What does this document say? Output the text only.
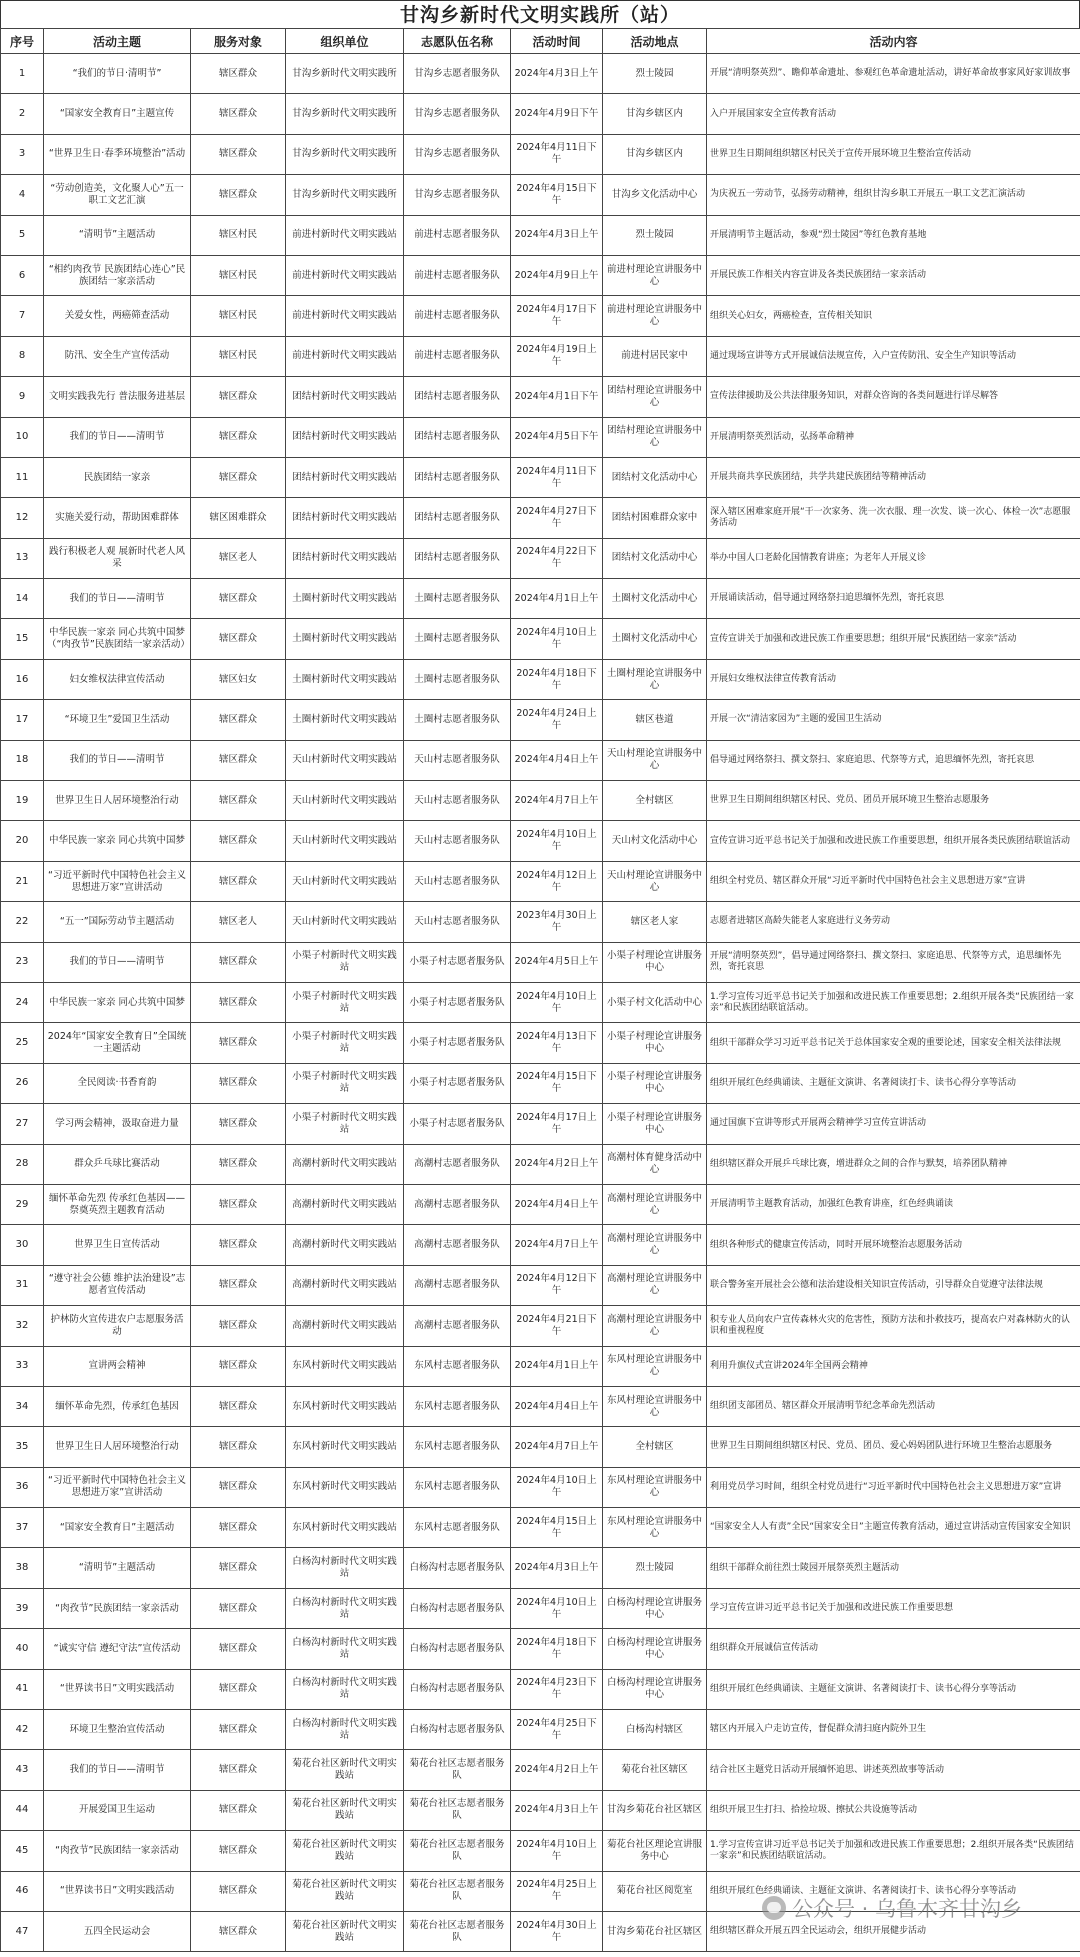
甘沟乡新时代文明实践所（站）
序号	活动主题	服务对象	组织单位	志愿队伍名称	活动时间	活动地点	活动内容
1	“我们的节日·清明节”	辖区群众	甘沟乡新时代文明实践所	甘沟乡志愿者服务队	2024年4月3日上午	烈士陵园	开展“清明祭英烈”、瞻仰革命遗址、参观红色革命遗址活动，讲好革命故事家风好家训故事
2	“国家安全教育日”主题宣传	辖区群众	甘沟乡新时代文明实践所	甘沟乡志愿者服务队	2024年4月9日下午	甘沟乡辖区内	入户开展国家安全宣传教育活动
3	“世界卫生日·春季环境整治”活动	辖区群众	甘沟乡新时代文明实践所	甘沟乡志愿者服务队	2024年4月11日下午	甘沟乡辖区内	世界卫生日期间组织辖区村民关于宣传开展环境卫生整治宣传活动
4	“劳动创造美，文化聚人心”五一职工文艺汇演	辖区群众	甘沟乡新时代文明实践所	甘沟乡志愿者服务队	2024年4月15日下午	甘沟乡文化活动中心	为庆祝五一劳动节，弘扬劳动精神，组织甘沟乡职工开展五一职工文艺汇演活动
5	“清明节”主题活动	辖区村民	前进村新时代文明实践站	前进村志愿者服务队	2024年4月3日上午	烈士陵园	开展清明节主题活动，参观“烈士陵园”等红色教育基地
6	“相约肉孜节 民族团结心连心”民族团结一家亲活动	辖区村民	前进村新时代文明实践站	前进村志愿者服务队	2024年4月9日上午	前进村理论宣讲服务中心	开展民族工作相关内容宣讲及各类民族团结一家亲活动
7	关爱女性，两癌筛查活动	辖区村民	前进村新时代文明实践站	前进村志愿者服务队	2024年4月17日下午	前进村理论宣讲服务中心	组织关心妇女，两癌检查，宣传相关知识
8	防汛、安全生产宣传活动	辖区村民	前进村新时代文明实践站	前进村志愿者服务队	2024年4月19日上午	前进村居民家中	通过现场宣讲等方式开展诚信法规宣传，入户宣传防汛、安全生产知识等活动
9	文明实践我先行 普法服务进基层	辖区群众	团结村新时代文明实践站	团结村志愿者服务队	2024年4月1日下午	团结村理论宣讲服务中心	宣传法律援助及公共法律服务知识，对群众咨询的各类问题进行详尽解答
10	我们的节日——清明节	辖区群众	团结村新时代文明实践站	团结村志愿者服务队	2024年4月5日下午	团结村理论宣讲服务中心	开展清明祭英烈活动，弘扬革命精神
11	民族团结一家亲	辖区群众	团结村新时代文明实践站	团结村志愿者服务队	2024年4月11日下午	团结村文化活动中心	开展共商共享民族团结，共学共建民族团结等精神活动
12	实施关爱行动，帮助困难群体	辖区困难群众	团结村新时代文明实践站	团结村志愿者服务队	2024年4月27日下午	团结村困难群众家中	深入辖区困难家庭开展“干一次家务、洗一次衣服、理一次发、谈一次心、体检一次”志愿服务活动
13	践行积极老人观 展新时代老人风采	辖区老人	团结村新时代文明实践站	团结村志愿者服务队	2024年4月22日下午	团结村文化活动中心	举办中国人口老龄化国情教育讲座；为老年人开展义诊
14	我们的节日——清明节	辖区群众	土圈村新时代文明实践站	土圈村志愿者服务队	2024年4月1日上午	土圈村文化活动中心	开展诵读活动，倡导通过网络祭扫追思缅怀先烈，寄托哀思
15	中华民族一家亲 同心共筑中国梦（“肉孜节”民族团结一家亲活动）	辖区群众	土圈村新时代文明实践站	土圈村志愿者服务队	2024年4月10日上午	土圈村文化活动中心	宣传宣讲关于加强和改进民族工作重要思想；组织开展“民族团结一家亲”活动
16	妇女维权法律宣传活动	辖区妇女	土圈村新时代文明实践站	土圈村志愿者服务队	2024年4月18日下午	土圈村理论宣讲服务中心	开展妇女维权法律宣传教育活动
17	“环境卫生”爱国卫生活动	辖区群众	土圈村新时代文明实践站	土圈村志愿者服务队	2024年4月24日上午	辖区巷道	开展一次“清洁家园为”主题的爱国卫生活动
18	我们的节日——清明节	辖区群众	天山村新时代文明实践站	天山村志愿者服务队	2024年4月4日上午	天山村理论宣讲服务中心	倡导通过网络祭扫、撰文祭扫、家庭追思、代祭等方式，追思缅怀先烈，寄托哀思
19	世界卫生日人居环境整治行动	辖区群众	天山村新时代文明实践站	天山村志愿者服务队	2024年4月7日上午	全村辖区	世界卫生日期间组织辖区村民、党员、团员开展环境卫生整治志愿服务
20	中华民族一家亲 同心共筑中国梦	辖区群众	天山村新时代文明实践站	天山村志愿者服务队	2024年4月10日上午	天山村文化活动中心	宣传宣讲习近平总书记关于加强和改进民族工作重要思想，组织开展各类民族团结联谊活动
21	“习近平新时代中国特色社会主义思想进万家”宣讲活动	辖区群众	天山村新时代文明实践站	天山村志愿者服务队	2024年4月12日上午	天山村理论宣讲服务中心	组织全村党员、辖区群众开展“习近平新时代中国特色社会主义思想进万家”宣讲
22	“五一”国际劳动节主题活动	辖区老人	天山村新时代文明实践站	天山村志愿者服务队	2023年4月30日上午	辖区老人家	志愿者进辖区高龄失能老人家庭进行义务劳动
23	我们的节日——清明节	辖区群众	小渠子村新时代文明实践站	小渠子村志愿者服务队	2024年4月5日上午	小渠子村理论宣讲服务中心	开展“清明祭英烈”，倡导通过网络祭扫、撰文祭扫、家庭追思、代祭等方式，追思缅怀先烈，寄托哀思
24	中华民族一家亲 同心共筑中国梦	辖区群众	小渠子村新时代文明实践站	小渠子村志愿者服务队	2024年4月10日上午	小渠子村文化活动中心	1.学习宣传习近平总书记关于加强和改进民族工作重要思想；2.组织开展各类“民族团结一家亲”和民族团结联谊活动。
25	2024年“国家安全教育日”全国统一主题活动	辖区群众	小渠子村新时代文明实践站	小渠子村志愿者服务队	2024年4月13日下午	小渠子村理论宣讲服务中心	组织干部群众学习习近平总书记关于总体国家安全观的重要论述，国家安全相关法律法规
26	全民阅读·书香育韵	辖区群众	小渠子村新时代文明实践站	小渠子村志愿者服务队	2024年4月15日下午	小渠子村理论宣讲服务中心	组织开展红色经典诵读、主题征文演讲、名著阅读打卡、读书心得分享等活动
27	学习两会精神，汲取奋进力量	辖区群众	小渠子村新时代文明实践站	小渠子村志愿者服务队	2024年4月17日上午	小渠子村理论宣讲服务中心	通过国旗下宣讲等形式开展两会精神学习宣传宣讲活动
28	群众乒乓球比赛活动	辖区群众	高潮村新时代文明实践站	高潮村志愿者服务队	2024年4月2日上午	高潮村体育健身活动中心	组织辖区群众开展乒乓球比赛，增进群众之间的合作与默契，培养团队精神
29	缅怀革命先烈 传承红色基因——祭奠英烈主题教育活动	辖区群众	高潮村新时代文明实践站	高潮村志愿者服务队	2024年4月4日上午	高潮村理论宣讲服务中心	开展清明节主题教育活动，加强红色教育讲座，红色经典诵读
30	世界卫生日宣传活动	辖区群众	高潮村新时代文明实践站	高潮村志愿者服务队	2024年4月7日上午	高潮村理论宣讲服务中心	组织各种形式的健康宣传活动，同时开展环境整治志愿服务活动
31	“遵守社会公德 维护法治建设”志愿者宣传活动	辖区群众	高潮村新时代文明实践站	高潮村志愿者服务队	2024年4月12日下午	高潮村理论宣讲服务中心	联合警务室开展社会公德和法治建设相关知识宣传活动，引导群众自觉遵守法律法规
32	护林防火宣传进农户志愿服务活动	辖区群众	高潮村新时代文明实践站	高潮村志愿者服务队	2024年4月21日下午	高潮村理论宣讲服务中心	积专业人员向农户宣传森林火灾的危害性，预防方法和扑救技巧，提高农户对森林防火的认识和重视程度
33	宣讲两会精神	辖区群众	东风村新时代文明实践站	东风村志愿者服务队	2024年4月1日上午	东风村理论宣讲服务中心	利用升旗仪式宣讲2024年全国两会精神
34	缅怀革命先烈，传承红色基因	辖区群众	东风村新时代文明实践站	东风村志愿者服务队	2024年4月4日上午	东风村理论宣讲服务中心	组织团支部团员、辖区群众开展清明节纪念革命先烈活动
35	世界卫生日人居环境整治行动	辖区群众	东风村新时代文明实践站	东风村志愿者服务队	2024年4月7日上午	全村辖区	世界卫生日期间组织辖区村民、党员、团员、爱心妈妈团队进行环境卫生整治志愿服务
36	“习近平新时代中国特色社会主义思想进万家”宣讲活动	辖区群众	东风村新时代文明实践站	东风村志愿者服务队	2024年4月10日上午	东风村理论宣讲服务中心	利用党员学习时间，组织全村党员进行“习近平新时代中国特色社会主义思想进万家”宣讲
37	“国家安全教育日”主题活动	辖区群众	东风村新时代文明实践站	东风村志愿者服务队	2024年4月15日上午	东风村理论宣讲服务中心	“国家安全人人有责”全民“国家安全日”主题宣传教育活动，通过宣讲活动宣传国家安全知识
38	“清明节”主题活动	辖区群众	白杨沟村新时代文明实践站	白杨沟村志愿者服务队	2024年4月3日上午	烈士陵园	组织干部群众前往烈士陵园开展祭英烈主题活动
39	“肉孜节”民族团结一家亲活动	辖区群众	白杨沟村新时代文明实践站	白杨沟村志愿者服务队	2024年4月10日上午	白杨沟村理论宣讲服务中心	学习宣传宣讲习近平总书记关于加强和改进民族工作重要思想
40	“诚实守信 遵纪守法”宣传活动	辖区群众	白杨沟村新时代文明实践站	白杨沟村志愿者服务队	2024年4月18日下午	白杨沟村理论宣讲服务中心	组织群众开展诚信宣传活动
41	“世界读书日”文明实践活动	辖区群众	白杨沟村新时代文明实践站	白杨沟村志愿者服务队	2024年4月23日下午	白杨沟村理论宣讲服务中心	组织开展红色经典诵读、主题征文演讲、名著阅读打卡、读书心得分享等活动
42	环境卫生整治宣传活动	辖区群众	白杨沟村新时代文明实践站	白杨沟村志愿者服务队	2024年4月25日下午	白杨沟村辖区	辖区内开展入户走访宣传，督促群众清扫庭内院外卫生
43	我们的节日——清明节	辖区群众	菊花台社区新时代文明实践站	菊花台社区志愿者服务队	2024年4月2日上午	菊花台社区辖区	结合社区主题党日活动开展缅怀追思、讲述英烈故事等活动
44	开展爱国卫生运动	辖区群众	菊花台社区新时代文明实践站	菊花台社区志愿者服务队	2024年4月3日上午	甘沟乡菊花台社区辖区	组织开展卫生打扫、拾捡垃圾、擦拭公共设施等活动
45	“肉孜节”民族团结一家亲活动	辖区群众	菊花台社区新时代文明实践站	菊花台社区志愿者服务队	2024年4月10日上午	菊花台社区理论宣讲服务中心	1.学习宣传宣讲习近平总书记关于加强和改进民族工作重要思想；2.组织开展各类“民族团结一家亲”和民族团结联谊活动。
46	“世界读书日”文明实践活动	辖区群众	菊花台社区新时代文明实践站	菊花台社区志愿者服务队	2024年4月25日上午	菊花台社区阅览室	组织开展红色经典诵读、主题征文演讲、名著阅读打卡、读书心得分享等活动
47	五四全民运动会	辖区群众	菊花台社区新时代文明实践站	菊花台社区志愿者服务队	2024年4月30日上午	甘沟乡菊花台社区辖区	组织辖区群众开展五四全民运动会，组织开展健步活动
公众号 · 乌鲁木齐甘沟乡
